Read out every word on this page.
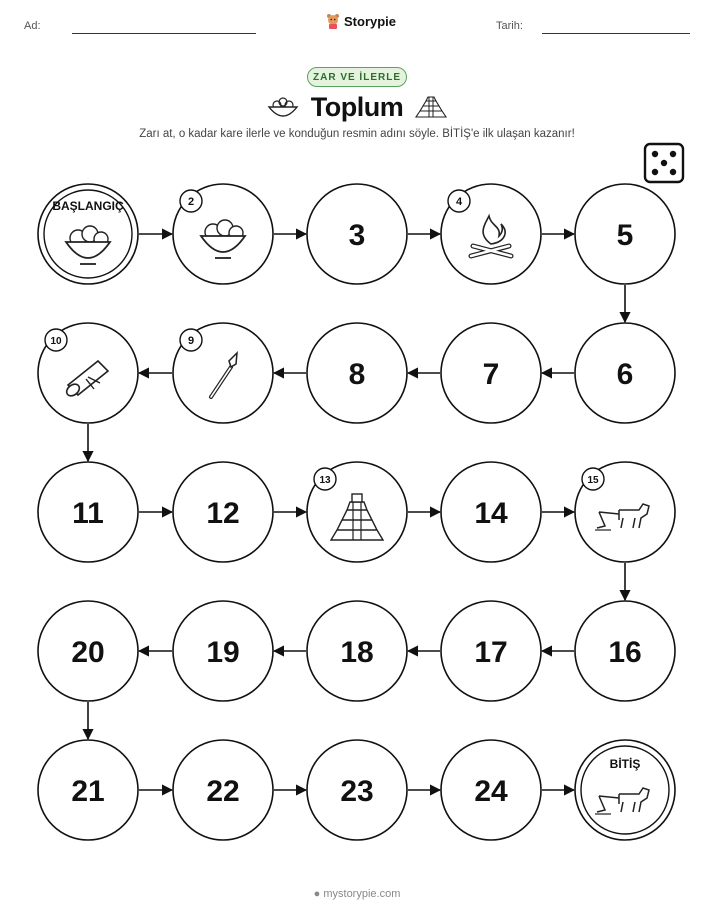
Ad:	Storypie	Tarih:
ZAR VE İLERLE
Toplum
Zarı at, o kadar kare ilerle ve konduğun resmin adını söyle. BİTİŞ'e ilk ulaşan kazanır!
BAŞLANGIÇ	2
3
4
5
6
7
8
9
10
11	12
13
14
15
16
17
18
19
20
21	22	23	24
BİTİŞ
● mystorypie.com
